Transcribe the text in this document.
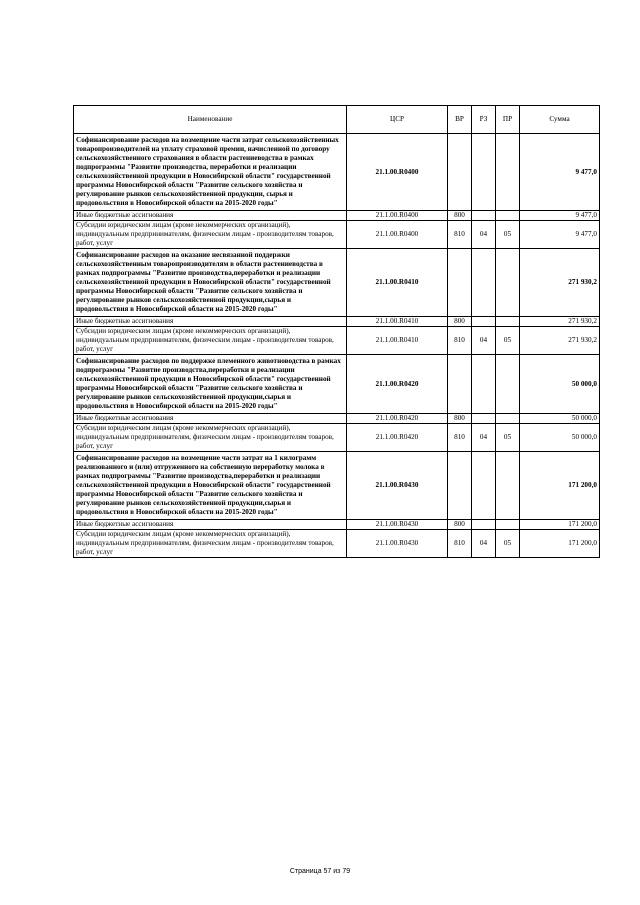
Наименование	ЦСР	ВР	РЗ	ПР	Сумма
Софинансирование расходов на возмещение части затрат сельскохозяйственных товаропроизводителей на уплату страховой премии, начисленной по договору сельскохозяйственного страхования в области растениеводства в рамках подпрограммы "Развитие производства, переработки и реализации сельскохозяйственной продукции в Новосибирской области" государственной программы Новосибирской области "Развитие сельского хозяйства и регулирование рынков сельскохозяйственной продукции, сырья и продовольствия в Новосибирской области на 2015-2020 годы"	21.1.00.R0400				9 477,0
Иные бюджетные ассигнования	21.1.00.R0400	800			9 477,0
Субсидии юридическим лицам (кроме некоммерческих организаций), индивидуальным предпринимателям, физическим лицам - производителям товаров, работ, услуг	21.1.00.R0400	810	04	05	9 477,0
Софинансирование расходов на оказание несвязанной поддержки сельскохозяйственным товаропроизводителям в области растениеводства в рамках подпрограммы "Развитие производства,переработки и реализации сельскохозяйственной продукции в Новосибирской области" государственной программы Новосибирской области "Развитие сельского хозяйства и регулирование рынков сельскохозяйственной продукции,сырья и продовольствия в Новосибирской области на 2015-2020 годы"	21.1.00.R0410				271 930,2
Иные бюджетные ассигнования	21.1.00.R0410	800			271 930,2
Субсидии юридическим лицам (кроме некоммерческих организаций), индивидуальным предпринимателям, физическим лицам - производителям товаров, работ, услуг	21.1.00.R0410	810	04	05	271 930,2
Софинансирование расходов по поддержке племенного животноводства в рамках подпрограммы "Развитие производства,переработки и реализации сельскохозяйственной продукции в Новосибирской области" государственной программы Новосибирской области "Развитие сельского хозяйства и регулирование рынков сельскохозяйственной продукции,сырья и продовольствия в Новосибирской области на 2015-2020 годы"	21.1.00.R0420				50 000,0
Иные бюджетные ассигнования	21.1.00.R0420	800			50 000,0
Субсидии юридическим лицам (кроме некоммерческих организаций), индивидуальным предпринимателям, физическим лицам - производителям товаров, работ, услуг	21.1.00.R0420	810	04	05	50 000,0
Софинансирование расходов на возмещение части затрат на 1 килограмм реализованного и (или) отгруженного на собственную переработку молока в рамках подпрограммы "Развитие производства,переработки и реализации сельскохозяйственной продукции в Новосибирской области" государственной программы Новосибирской области "Развитие сельского хозяйства и регулирование рынков сельскохозяйственной продукции,сырья и продовольствия в Новосибирской области на 2015-2020 годы"	21.1.00.R0430				171 200,0
Иные бюджетные ассигнования	21.1.00.R0430	800			171 200,0
Субсидии юридическим лицам (кроме некоммерческих организаций), индивидуальным предпринимателям, физическим лицам - производителям товаров, работ, услуг	21.1.00.R0430	810	04	05	171 200,0
Страница 57 из 79
